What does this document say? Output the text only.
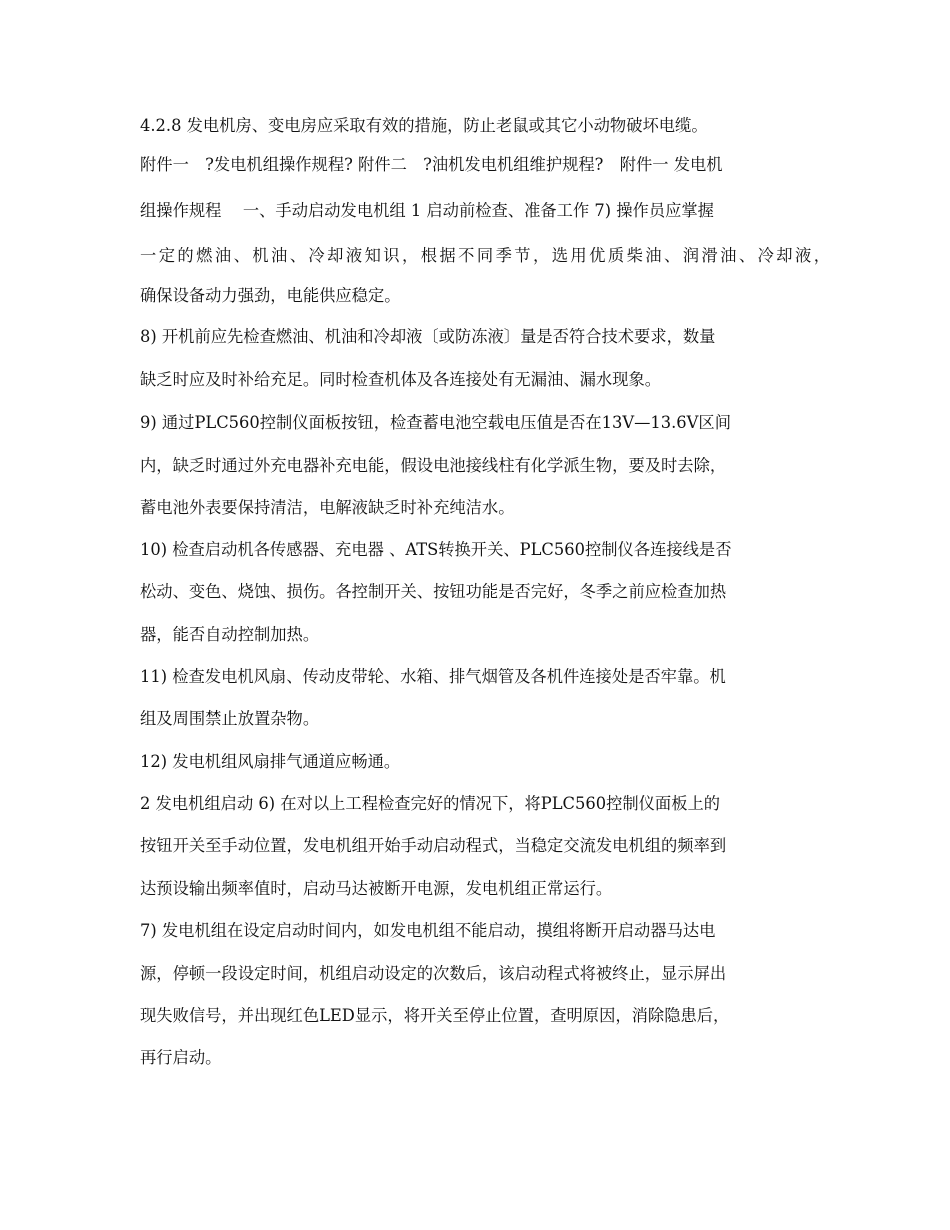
4.2.8 发电机房、变电房应采取有效的措施，防止老鼠或其它小动物破坏电缆。
附件一　?发电机组操作规程? 附件二　?油机发电机组维护规程?　附件一 发电机
组操作规程　 一、手动启动发电机组 1 启动前检查、准备工作 7) 操作员应掌握
一定的燃油、机油、冷却液知识，根据不同季节，选用优质柴油、润滑油、冷却液，
确保设备动力强劲，电能供应稳定。
8) 开机前应先检查燃油、机油和冷却液〔或防冻液〕量是否符合技术要求，数量
缺乏时应及时补给充足。同时检查机体及各连接处有无漏油、漏水现象。
9) 通过PLC560控制仪面板按钮，检查蓄电池空载电压值是否在13V—13.6V区间
内，缺乏时通过外充电器补充电能，假设电池接线柱有化学派生物，要及时去除，
蓄电池外表要保持清洁，电解液缺乏时补充纯洁水。
10) 检查启动机各传感器、充电器 、ATS转换开关、PLC560控制仪各连接线是否
松动、变色、烧蚀、损伤。各控制开关、按钮功能是否完好，冬季之前应检查加热
器，能否自动控制加热。
11) 检查发电机风扇、传动皮带轮、水箱、排气烟管及各机件连接处是否牢靠。机
组及周围禁止放置杂物。
12) 发电机组风扇排气通道应畅通。
2 发电机组启动 6) 在对以上工程检查完好的情况下，将PLC560控制仪面板上的
按钮开关至手动位置，发电机组开始手动启动程式，当稳定交流发电机组的频率到
达预设输出频率值时，启动马达被断开电源，发电机组正常运行。
7) 发电机组在设定启动时间内，如发电机组不能启动，摸组将断开启动器马达电
源，停顿一段设定时间，机组启动设定的次数后，该启动程式将被终止，显示屏出
现失败信号，并出现红色LED显示，将开关至停止位置，查明原因，消除隐患后，
再行启动。
